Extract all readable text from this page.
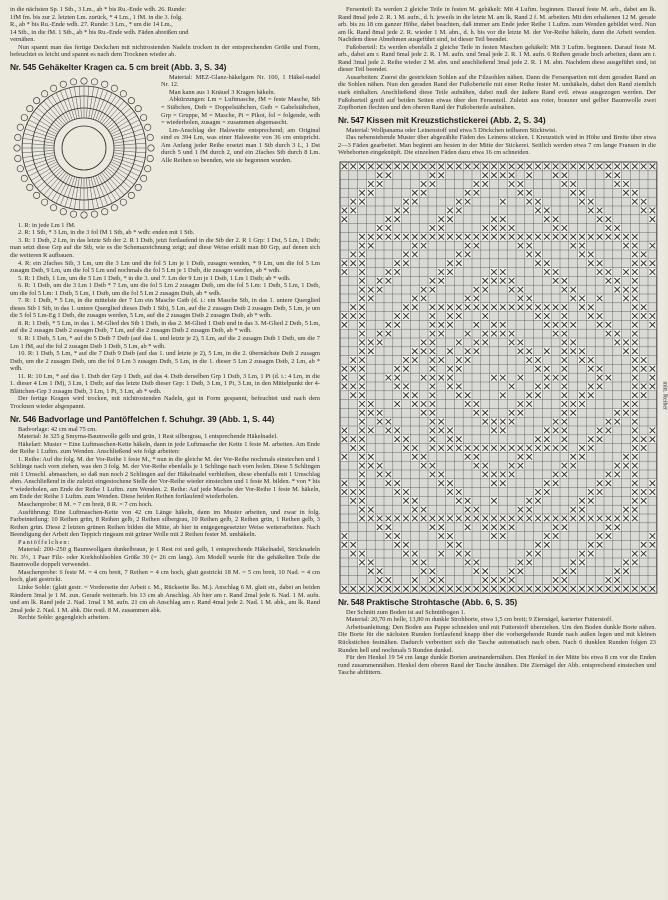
in die nächsten Sp. 1 Stb., 3 Lm., ab * bis Ru.-Ende wdh. 26. Runde:

1fM fm. bis zur 2. letzten Lm. zurück, * 4 Lm., 1 fM. in die 3. folg.

R., ab * bis Ru.-Ende wdh. 27. Runde: 3 Lm., * um die 14 Lm.,

14 Stb., in die fM. 1 Stb., ab * bis Ru.-Ende wdh. Fäden abreißen und

vernähen.

Nun spannt man das fertige Deckchen mit nichtrostenden Nadeln trocken in der entsprechenden Größe und Form, befeuchtet es leicht und spannt es nach dem Trocknen wieder ab.

Nr. 545 Gehäkelter Kragen ca. 5 cm breit (Abb. 3, S. 34)

Material: MEZ-Glanz-häkelgarn Nr. 100, 1 Häkel-nadel Nr. 12.

Man kann aus 1 Knäuel 3 Kragen häkeln.

Abkürzungen: Lm = Luftmasche, fM = feste Masche, Stb = Stäbchen, Dstb = Doppelstäbchen, Gstb = Gabelstäbchen, Grp = Gruppe, M = Masche, Pi = Pikot, fol = folgende, wdh = wiederholen, zusagm = zusammen abgemascht.

Lm-Anschlag der Halsweite entsprechend; am Original sind es 394 Lm, was einer Halsweite von 36 cm entspricht. Am Anfang jeder Reihe ersetzt man 1 Stb durch 3 L, 1 Dst durch 5 und 1 fM durch 2, und ein 2faches Stb durch 8 Lm. Alle Reihen so beenden, wie sie begonnen wurden.

1. R: in jede Lm 1 fM.

2. R: 1 Stb, * 3 Lm, in die 3 fol fM 1 Stb, ab * wdh: enden mit 1 Stb.

3. R: 1 Dstb, 2 Lm, in das letzte Stb der 2. R 1 Dstb, jetzt fortlaufend in die Stb der 2. R 1 Grp: 1 Dst, 5 Lm, 1 Dstb; man setzt diese Grp auf die Stb, wie es die Schemazeichnung zeigt; auf diese Weise erhält man 80 Grp, auf denen sich die weiteren R aufbauen.

4. R: ein 2faches Stb, 3 Lm, um die 3 Lm und die fol 5 Lm je 1 Dstb, zusagm wenden, * 9 Lm, um die fol 5 Lm zusagm Dstb, 9 Lm, um die fol 5 Lm und nochmals die fol 5 Lm je 1 Dstb, die zusagm werden, ab * wdh.

5. R: 1 Dstb, 1 Lm, um die 5 Lm 1 Dstb, * in die 3. und 7. Lm der 9 Lm je 1 Dstb, 1 Lm 1 Dstb; ab * wdh.

6. R: 1 Dstb, um die 3 Lm 1 Dstb * 7 Lm, um die fol 5 Lm 2 zusagm Dstb, um die fol 5 Lm: 1 Dstb, 5 Lm, 1 Dstb, um die fol 5 Lm: 1 Dstb, 5 Lm, 1 Dstb, um die fol 5 Lm 2 zusagm Dstb, ab * wdh.

7. R: 1 Dstb, * 5 Lm, in die mittelste der 7 Lm ein Masche Gstb (d. i.: ein Masche Stb, in das 1. untere Querglied dieses Stb 1 Stb, in das 1. untere Querglied dieses Dstb 1 Stb), 5 Lm, auf die 2 zusagm Dstb 2 zusagm Dstb, 5 Lm, je um die 5 fol 5 Lm-Eg 1 Dstb, die zusagm werden, 5 Lm, auf die 2 zusagm Dstb 2 zusagm Dstb, ab * wdh.

8. R: 1 Dstb, * 5 Lm, in das 1. M-Glied des Stb 1 Dstb, in das 2. M-Glied 1 Dstb und in das 3. M-Glied 2 Dstb, 5 Lm, auf die 2 zusagm Dstb 2 zusagm Dstb, 7 Lm, auf die 2 zusagm Dstb 2 zusagm Dstb, ab * wdh.

9. R: 1 Dstb, 5 Lm, * auf die 5 Dstb 7 Dstb (auf das 1. und letzte je 2), 5 Lm, auf die 2 zusagm Dstb 1 Dstb, um die 7 Lm 1 fM, auf die fol 2 zusagm Dstb 1 Dstb, 5 Lm, ab * wdh.

10. R: 1 Dstb, 5 Lm, * auf die 7 Dstb 9 Dstb (auf das 1. und letzte je 2), 5 Lm, in die 2. übernächste Dstb 2 zusagm Dstb, um die 2 zusagm Dstb, um die fol 9 Lm 3 zusagm Dstb, 5 Lm, in die 1. dieser 5 Lm 2 zusagm Dstb, 2 Lm, ab * wdh.

11. R: 10 Lm, * auf das 1. Dstb der Grp 1 Dstb, auf das 4. Dstb derselben Grp 1 Dstb, 3 Lm, 1 Pi (d. i.: 4 Lm, in die 1. dieser 4 Lm 1 fM), 3 Lm, 1 Dstb; auf das letzte Dstb dieser Grp: 1 Dstb, 3 Lm, 1 Pi, 3 Lm, in den Mittelpunkt der 4-Blättchen-Grp 3 zusagm Dstb, 3 Lm, 1 Pi, 3 Lm, ab * wdh.

Der fertige Kragen wird trocken, mit nichtrostenden Nadeln, gut in Form gespannt, befeuchtet und nach dem Trocknen wieder abgespannt.

Nr. 546 Badvorlage und Pantöffelchen f. Schuhgr. 39 (Abb. 1, S. 44)

Badvorlage: 42 cm mal 75 cm.

Material: Je 325 g Smyrna-Baumwolle gelb und grün, 1 Rest silbergrau, 1 entsprechende Häkelnadel.

Häkelart: Muster = Eine Luftmaschen-Kette häkeln, dann in jede Luftmasche der Kette 1 feste M. arbeiten. Am Ende der Reihe 1 Luftm. zum Wenden. Anschließend wie folgt arbeiten:

1. Reihe: Auf die folg. M. der Vor-Reihe 1 feste M., * nun in die gleiche M. der Vor-Reihe nochmals einstechen und 1 Schlinge nach vorn ziehen, was den 3 folg. M. der Vor-Reihe ebenfalls je 1 Schlinge nach vorn holen. Diese 5 Schlingen mit 1 Umschl. abmaschen, so daß nun noch 2 Schlingen auf der Häkelnadel verbleiben, diese ebenfalls mit 1 Umschlag abm. Anschließend in die zuletzt eingestochene Stelle der Vor-Reihe wieder einstechen und 1 feste M. bilden. * von * bis * wiederholen, am Ende der Reihe 1 Luftm. zum Wenden. 2. Reihe: Auf jede Masche der Vor-Reihe 1 feste M. häkeln, am Ende der Reihe 1 Luftm. zum Wenden. Diese beiden Reihen fortlaufend wiederholen.

Maschenprobe: 8 M. = 7 cm breit, 8 R. = 7 cm hoch.

Ausführung: Eine Luftmaschen-Kette von 42 cm Länge häkeln, dann im Muster arbeiten, und zwar in folg. Farbeinteilung: 10 Reihen grün, 8 Reihen gelb, 2 Reihen silbergrau, 10 Reihen gelb, 2 Reihen grün, 1 Reihen gelb, 3 Reihen grün. Diese 2 letzten grünen Reihen bilden die Mitte, ab hier in entgegengesetzter Weise weiterarbeiten. Nach Beendigung der Arbeit den Teppich ringsum mit grüner Wolle mit 2 Reihen fester M. umhäkeln.

Pantöffelchen:

Material: 200–250 g Baumwollgarn dunkelbraun, je 1 Rest rot und gelb, 1 entsprechende Häkelnadel, Stricknadeln Nr. 3½, 1 Paar Filz- oder Korkhohlsohlen Größe 39 (= 26 cm lang). Am Modell wurde für die gehäkelten Teile die Baumwolle doppelt verwendet.

Maschenprobe: 6 feste M. = 4 cm breit, 7 Reihen = 4 cm hoch, glatt gestrickt 18 M. = 5 cm breit, 10 Nad. = 4 cm hoch, glatt gestrickt.

Linke Sohle: (glatt gestr. = Vorderseite der Arbeit r. M., Rückseite lks. M.). Anschlag 6 M. glatt str., dabei an beiden Rändern 3mal je 1 M. zun. Gerade weiterarb. bis 13 cm ab Anschlag. Ab hier am r. Rand 2mal jede 6. Nad. 1 M. aufn. und am lk. Rand jede 2. Nad. 1mal 1 M. aufn. 21 cm ab Anschlag am r. Rand 4mal jede 2. Nad. 1 M. abk., am lk. Rand 2mal jede 2. Nad. 1 M. abk. Die restl. 8 M. zusammen abk.

Rechte Sohle: gegengleich arbeiten.

Fersenteil: Es werden 2 gleiche Teile in festen M. gehäkelt: Mit 4 Luftm. beginnen. Darauf feste M. arb., dabei am lk. Rand 8mal jede 2. R. 1 M. aufn., d. h. jeweils in die letzte M. am lk. Rand 2 f. M. arbeiten. Mit den erhaltenen 12 M. gerade arb. bis zu 18 cm ganzer Höhe, dabei beachten, daß immer am Ende jeder Reihe 1 Luftm. zum Wenden gebildet wird. Nun am lk. Rand 8mal jede 2. R. wieder 1 M. abn., d. h. bis vor die letzte M. der Vor-Reihe häkeln, dann die Arbeit wenden. Nachdem diese Abnehmen ausgeführt sind, ist dieser Teil beendet.

Fußoberteil: Es werden ebenfalls 2 gleiche Teile in festen Maschen gehäkelt: Mit 3 Luftm. beginnen. Darauf feste M. arb., dabei am r. Rand 6mal jede 2. R. 1 M. aufn. und 5mal jede 2. R. 1 M. aufn. 6 Reihen gerade hoch arbeiten, dann am r. Rand 3mal jede 2. Reihe wieder 2 M. abn. und anschließend 3mal jede 2. R. 1 M. abn. Nachdem diese ausgeführt sind, ist dieser Teil beendet.

Ausarbeiten: Zuerst die gestrickten Sohlen auf die Filzsohlen nähen. Dann die Fersenpartien mit dem geraden Rand an die Sohlen nähen. Nun den geraden Rand der Fußoberteile mit einer Reihe fester M. umhäkeln, dabei den Rand ziemlich stark einhalten. Anschließend diese Teile aufnähen, dabei muß der äußere Rand evtl. etwas ausgezogen werden. Der Fußoberteil greift auf beiden Seiten etwas über den Fersenteil. Zuletzt aus roter, brauner und gelber Baumwolle zwei Zopfborten flechten und den oberen Rand der Fußoberteile aufnähen.

Nr. 547 Kissen mit Kreuzstichstickerei (Abb. 2, S. 34)

Material: Wollpanama oder Leinenstoff und etwa 5 Döckchen teilbaren Sticktwist.

Das nebenstehende Muster über abgezählte Fäden des Leinens sticken. 1 Kreuzstich wird in Höhe und Breite über etwa 2—3 Fäden gearbeitet. Man beginnt am besten in der Mitte der Stickerei. Seitlich werden etwa 7 cm lange Fransen in die Webeborten eingeknüpft. Die einzelnen Fäden dazu etwa 16 cm schneiden.

mitt. Reiher
Nr. 548 Praktische Strohtasche (Abb. 6, S. 35)

Der Schnitt zum Boden ist auf Schnittbogen 1.

Material: 20,70 m helle, 13,80 m dunkle Strohborte, etwa 1,5 cm breit; 9 Ziernägel, karierter Futterstoff.

Arbeitsanleitung: Den Boden aus Pappe schneiden und mit Futterstoff überziehen. Um den Boden dunkle Borte nähen. Die Borte für die nächsten Runden fortlaufend knapp über die vorhergehende Runde nach außen legen und mit kleinen Rückstichen festnähen. Dadurch verbreitert sich die Tasche automatisch nach oben. Nach 6 dunklen Runden folgen 23 Runden hell und nochmals 5 Runden dunkel.

Für den Henkel 19 54 cm lange dunkle Borten aneinandernähen. Den Henkel in der Mitte bis etwa 8 cm vor die Enden rund zusammennähen. Henkel dem oberen Rand der Tasche ännähen. Die Ziernägel der Abb. entsprechend einstechen und Tasche abfüttern.
